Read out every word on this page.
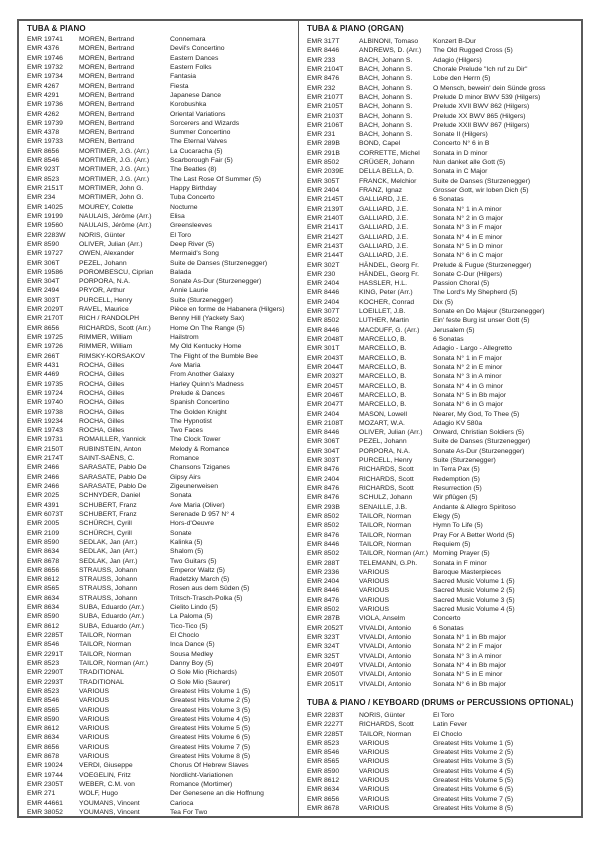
TUBA & PIANO
EMR 19741	MOREN, Bertrand	Connemara
EMR 4376	MOREN, Bertrand	Devil's Concertino
EMR 19746	MOREN, Bertrand	Eastern Dances
EMR 19732	MOREN, Bertrand	Eastern Folks
EMR 19734	MOREN, Bertrand	Fantasia
EMR 4267	MOREN, Bertrand	Fiesta
EMR 4291	MOREN, Bertrand	Japanese Dance
EMR 19736	MOREN, Bertrand	Korobushka
EMR 4262	MOREN, Bertrand	Oriental Variations
EMR 19739	MOREN, Bertrand	Sorcerers and Wizards
EMR 4378	MOREN, Bertrand	Summer Concertino
EMR 19733	MOREN, Bertrand	The Eternal Valves
EMR 8656	MORTIMER, J.G. (Arr.)	La Cucaracha (5)
EMR 8546	MORTIMER, J.G. (Arr.)	Scarborough Fair (5)
EMR 923T	MORTIMER, J.G. (Arr.)	The Beatles (8)
EMR 8523	MORTIMER, J.G. (Arr.)	The Last Rose Of Summer (5)
EMR 2151T	MORTIMER, John G.	Happy Birthday
EMR 234	MORTIMER, John G.	Tuba Concerto
EMR 14025	MOUREY, Colette	Nocturne
EMR 19199	NAULAIS, Jérôme (Arr.)	Elisa
EMR 19560	NAULAIS, Jérôme (Arr.)	Greensleeves
EMR 2283W	NORIS, Günter	El Toro
EMR 8590	OLIVER, Julian (Arr.)	Deep River (5)
EMR 19727	OWEN, Alexander	Mermaid's Song
EMR 306T	PEZEL, Johann	Suite de Danses (Sturzenegger)
EMR 19586	POROMBESCU, Ciprian	Balada
EMR 304T	PORPORA, N.A.	Sonate As-Dur (Sturzenegger)
EMR 2494	PRYOR, Arthur	Annie Laurie
EMR 303T	PURCELL, Henry	Suite (Sturzenegger)
EMR 2029T	RAVEL, Maurice	Pièce en forme de Habanera (Hilgers)
EMR 2170T	RICH / RANDOLPH	Benny Hill (Yackety Sax)
EMR 8656	RICHARDS, Scott (Arr.)	Home On The Range (5)
EMR 19725	RIMMER, William	Hailstrom
EMR 19726	RIMMER, William	My Old Kentucky Home
EMR 266T	RIMSKY-KORSAKOV	The Flight of the Bumble Bee
EMR 4431	ROCHA, Gilles	Ave Maria
EMR 4469	ROCHA, Gilles	From Another Galaxy
EMR 19735	ROCHA, Gilles	Harley Quinn's Madness
EMR 19724	ROCHA, Gilles	Prelude & Dances
EMR 19740	ROCHA, Gilles	Spanish Concertino
EMR 19738	ROCHA, Gilles	The Golden Knight
EMR 19234	ROCHA, Gilles	The Hypnotist
EMR 19743	ROCHA, Gilles	Two Faces
EMR 19731	ROMAILLER, Yannick	The Clock Tower
EMR 2150T	RUBINSTEIN, Anton	Melody & Romance
EMR 2174T	SAINT-SAËNS, C.	Romance
EMR 2466	SARASATE, Pablo De	Chansons Tziganes
EMR 2466	SARASATE, Pablo De	Gipsy Airs
EMR 2466	SARASATE, Pablo De	Zigeunerweisen
EMR 2025	SCHNYDER, Daniel	Sonata
EMR 4391	SCHUBERT, Franz	Ave Maria (Oliver)
EMR 6073T	SCHUBERT, Franz	Serenade D 957 N° 4
EMR 2005	SCHÜRCH, Cyrill	Hors-d'Oeuvre
EMR 2109	SCHÜRCH, Cyrill	Sonate
EMR 8590	SEDLAK, Jan (Arr.)	Kalinka (5)
EMR 8634	SEDLAK, Jan (Arr.)	Shalom (5)
EMR 8678	SEDLAK, Jan (Arr.)	Two Guitars (5)
EMR 8656	STRAUSS, Johann	Emperor Waltz (5)
EMR 8612	STRAUSS, Johann	Radetzky March (5)
EMR 8565	STRAUSS, Johann	Rosen aus dem Süden (5)
EMR 8634	STRAUSS, Johann	Tritsch-Trasch-Polka (5)
EMR 8634	SUBA, Eduardo (Arr.)	Cielito Lindo (5)
EMR 8590	SUBA, Eduardo (Arr.)	La Paloma (5)
EMR 8612	SUBA, Eduardo (Arr.)	Tico-Tico (5)
EMR 2285T	TAILOR, Norman	El Choclo
EMR 8546	TAILOR, Norman	Inca Dance (5)
EMR 2291T	TAILOR, Norman	Sousa Medley
EMR 8523	TAILOR, Norman (Arr.)	Danny Boy (5)
EMR 2290T	TRADITIONAL	O Sole Mio (Richards)
EMR 2293T	TRADITIONAL	O Sole Mio (Saurer)
EMR 8523	VARIOUS	Greatest Hits Volume 1 (5)
EMR 8546	VARIOUS	Greatest Hits Volume 2 (5)
EMR 8565	VARIOUS	Greatest Hits Volume 3 (5)
EMR 8590	VARIOUS	Greatest Hits Volume 4 (5)
EMR 8612	VARIOUS	Greatest Hits Volume 5 (5)
EMR 8634	VARIOUS	Greatest Hits Volume 6 (5)
EMR 8656	VARIOUS	Greatest Hits Volume 7 (5)
EMR 8678	VARIOUS	Greatest Hits Volume 8 (5)
EMR 19024	VERDI, Giuseppe	Chorus Of Hebrew Slaves
EMR 19744	VOEGELIN, Fritz	Nordlicht-Variationen
EMR 2305T	WEBER, C.M. von	Romance (Mortimer)
EMR 271	WOLF, Hugo	Der Genesene an die Hoffnung
EMR 44661	YOUMANS, Vincent	Carioca
EMR 38052	YOUMANS, Vincent	Tea For Two
TUBA & PIANO (ORGAN)
EMR 317T	ALBINONI, Tomaso	Konzert B-Dur
EMR 8446	ANDREWS, D. (Arr.)	The Old Rugged Cross (5)
EMR 233	BACH, Johann S.	Adagio (Hilgers)
EMR 2104T	BACH, Johann S.	Chorale Prelude "Ich ruf zu Dir"
EMR 8476	BACH, Johann S.	Lobe den Herrn (5)
EMR 232	BACH, Johann S.	O Mensch, bewein' dein Sünde gross
EMR 2107T	BACH, Johann S.	Prelude D minor BWV 539 (Hilgers)
EMR 2105T	BACH, Johann S.	Prelude XVII BWV 862 (Hilgers)
EMR 2103T	BACH, Johann S.	Prelude XX BWV 865 (Hilgers)
EMR 2106T	BACH, Johann S.	Prelude XXII BWV 867 (Hilgers)
EMR 231	BACH, Johann S.	Sonate II (Hilgers)
EMR 289B	BOND, Capel	Concerto N° 6 in B
EMR 291B	CORRETTE, Michel	Sonata in D minor
EMR 8502	CRÜGER, Johann	Nun danket alle Gott (5)
EMR 2039E	DELLA BELLA, D.	Sonata in C Major
EMR 305T	FRANCK, Melchior	Suite de Danses (Sturzenegger)
EMR 2404	FRANZ, Ignaz	Grosser Gott, wir loben Dich (5)
EMR 2145T	GALLIARD, J.E.	6 Sonatas
EMR 2139T	GALLIARD, J.E.	Sonata N° 1 in A minor
EMR 2140T	GALLIARD, J.E.	Sonata N° 2 in G major
EMR 2141T	GALLIARD, J.E.	Sonata N° 3 in F major
EMR 2142T	GALLIARD, J.E.	Sonata N° 4 in E minor
EMR 2143T	GALLIARD, J.E.	Sonata N° 5 in D minor
EMR 2144T	GALLIARD, J.E.	Sonata N° 6 in C major
EMR 302T	HÄNDEL, Georg Fr.	Prelude & Fugue (Sturzenegger)
EMR 230	HÄNDEL, Georg Fr.	Sonate C-Dur (Hilgers)
EMR 2404	HASSLER, H.L.	Passion Choral (5)
EMR 8446	KING, Peter (Arr.)	The Lord's My Shepherd (5)
EMR 2404	KOCHER, Conrad	Dix (5)
EMR 307T	LOEILLET, J.B.	Sonate en Do Majeur (Sturzenegger)
EMR 8502	LUTHER, Martin	Ein' feste Burg ist unser Gott (5)
EMR 8446	MACDUFF, G. (Arr.)	Jerusalem (5)
EMR 2048T	MARCELLO, B.	6 Sonatas
EMR 301T	MARCELLO, B.	Adagio - Largo - Allegretto
EMR 2043T	MARCELLO, B.	Sonata N° 1 in F major
EMR 2044T	MARCELLO, B.	Sonata N° 2 in E minor
EMR 2032T	MARCELLO, B.	Sonata N° 3 in A minor
EMR 2045T	MARCELLO, B.	Sonata N° 4 in G minor
EMR 2046T	MARCELLO, B.	Sonata N° 5 in Bb major
EMR 2047T	MARCELLO, B.	Sonata N° 6 in G major
EMR 2404	MASON, Lowell	Nearer, My God, To Thee (5)
EMR 2108T	MOZART, W.A.	Adagio KV 580a
EMR 8446	OLIVER, Julian (Arr.)	Onward, Christian Soldiers (5)
EMR 306T	PEZEL, Johann	Suite de Danses (Sturzenegger)
EMR 304T	PORPORA, N.A.	Sonate As-Dur (Sturzenegger)
EMR 303T	PURCELL, Henry	Suite (Sturzenegger)
EMR 8476	RICHARDS, Scott	In Terra Pax (5)
EMR 2404	RICHARDS, Scott	Redemption (5)
EMR 8476	RICHARDS, Scott	Resurrection (5)
EMR 8476	SCHULZ, Johann	Wir pflügen (5)
EMR 293B	SENAILLE, J.B.	Andante & Allegro Spiritoso
EMR 8502	TAILOR, Norman	Elegy (5)
EMR 8502	TAILOR, Norman	Hymn To Life (5)
EMR 8476	TAILOR, Norman	Pray For A Better World (5)
EMR 8446	TAILOR, Norman	Requiem (5)
EMR 8502	TAILOR, Norman (Arr.) Morning Prayer (5)
EMR 288T	TELEMANN, G.Ph.	Sonata in F minor
EMR 2336	VARIOUS	Baroque Masterpieces
EMR 2404	VARIOUS	Sacred Music Volume 1 (5)
EMR 8446	VARIOUS	Sacred Music Volume 2 (5)
EMR 8476	VARIOUS	Sacred Music Volume 3 (5)
EMR 8502	VARIOUS	Sacred Music Volume 4 (5)
EMR 287B	VIOLA, Anselm	Concerto
EMR 2052T	VIVALDI, Antonio	6 Sonatas
EMR 323T	VIVALDI, Antonio	Sonata N° 1 in Bb major
EMR 324T	VIVALDI, Antonio	Sonata N° 2 in F major
EMR 325T	VIVALDI, Antonio	Sonata N° 3 in A minor
EMR 2049T	VIVALDI, Antonio	Sonata N° 4 in Bb major
EMR 2050T	VIVALDI, Antonio	Sonata N° 5 in E minor
EMR 2051T	VIVALDI, Antonio	Sonata N° 6 in Bb major
TUBA & PIANO / KEYBOARD (DRUMS or PERCUSSIONS OPTIONAL)
EMR 2283T	NORIS, Günter	El Toro
EMR 2227T	RICHARDS, Scott	Latin Fever
EMR 2285T	TAILOR, Norman	El Choclo
EMR 8523	VARIOUS	Greatest Hits Volume 1 (5)
EMR 8546	VARIOUS	Greatest Hits Volume 2 (5)
EMR 8565	VARIOUS	Greatest Hits Volume 3 (5)
EMR 8590	VARIOUS	Greatest Hits Volume 4 (5)
EMR 8612	VARIOUS	Greatest Hits Volume 5 (5)
EMR 8634	VARIOUS	Greatest Hits Volume 6 (5)
EMR 8656	VARIOUS	Greatest Hits Volume 7 (5)
EMR 8678	VARIOUS	Greatest Hits Volume 8 (5)
